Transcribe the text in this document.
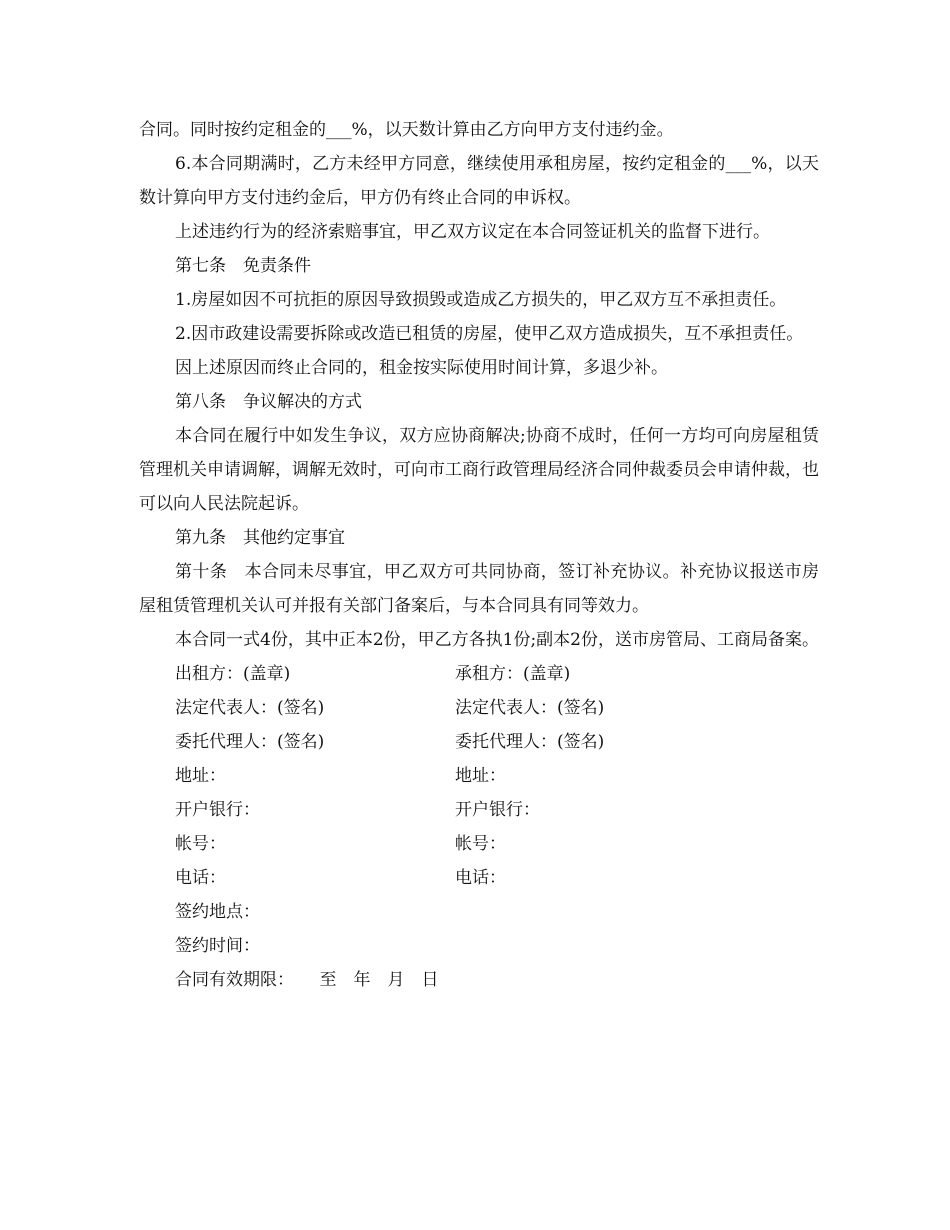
合同。同时按约定租金的___%，以天数计算由乙方向甲方支付违约金。

6.本合同期满时，乙方未经甲方同意，继续使用承租房屋，按约定租金的___%，以天数计算向甲方支付违约金后，甲方仍有终止合同的申诉权。

上述违约行为的经济索赔事宜，甲乙双方议定在本合同签证机关的监督下进行。

第七条　免责条件

1.房屋如因不可抗拒的原因导致损毁或造成乙方损失的，甲乙双方互不承担责任。

2.因市政建设需要拆除或改造已租赁的房屋，使甲乙双方造成损失，互不承担责任。

因上述原因而终止合同的，租金按实际使用时间计算，多退少补。

第八条　争议解决的方式

本合同在履行中如发生争议，双方应协商解决;协商不成时，任何一方均可向房屋租赁管理机关申请调解，调解无效时，可向市工商行政管理局经济合同仲裁委员会申请仲裁，也可以向人民法院起诉。

第九条　其他约定事宜

第十条　本合同未尽事宜，甲乙双方可共同协商，签订补充协议。补充协议报送市房屋租赁管理机关认可并报有关部门备案后，与本合同具有同等效力。

本合同一式4份，其中正本2份，甲乙方各执1份;副本2份，送市房管局、工商局备案。

出租方：(盖章)	承租方：(盖章)
法定代表人：(签名)	法定代表人：(签名)
委托代理人：(签名)	委托代理人：(签名)
地址：	地址：
开户银行：	开户银行：
帐号：	帐号：
电话：	电话：
签约地点：
签约时间：
合同有效期限：　　至　年　月　日
